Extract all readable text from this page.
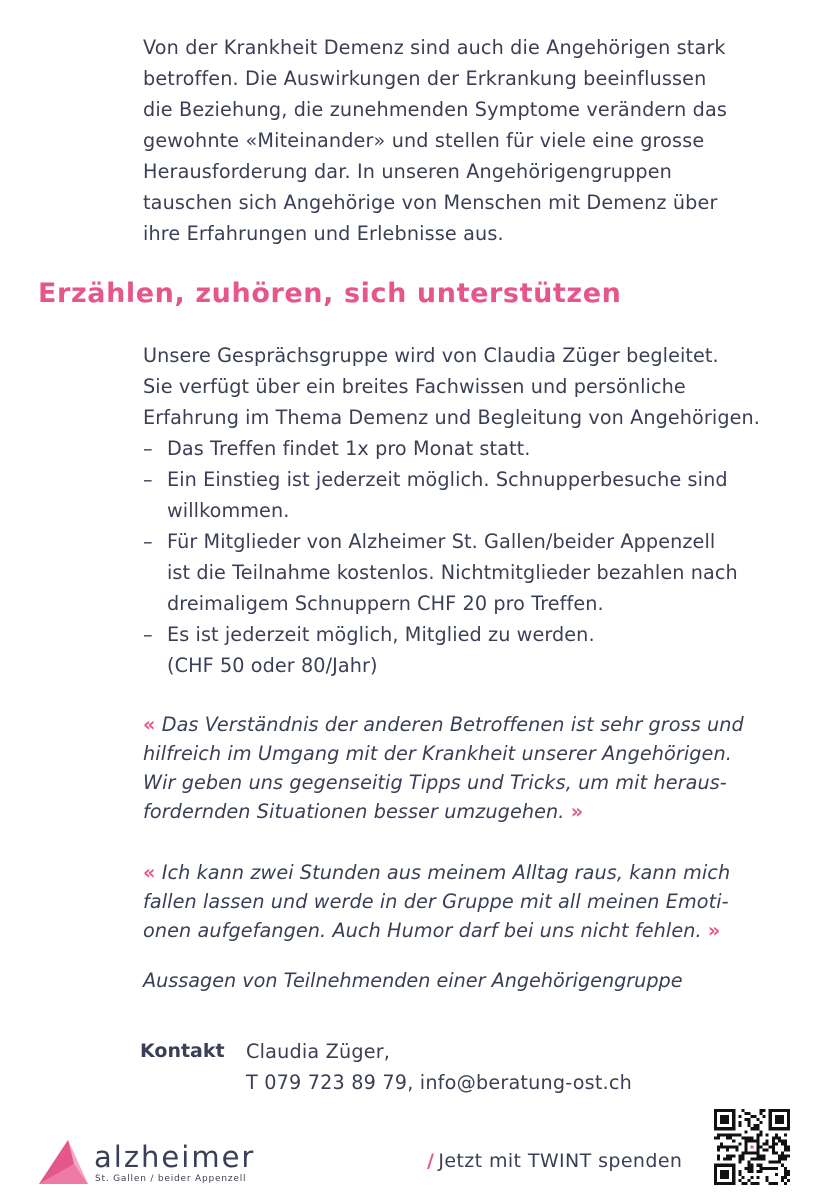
Von der Krankheit Demenz sind auch die Angehörigen stark
betroffen. Die Auswirkungen der Erkrankung beeinflussen
die Beziehung, die zunehmenden Symptome verändern das
gewohnte «Miteinander» und stellen für viele eine grosse
Herausforderung dar. In unseren Angehörigengruppen
tauschen sich Angehörige von Menschen mit Demenz über
ihre Erfahrungen und Erlebnisse aus.
Erzählen, zuhören, sich unterstützen
Unsere Gesprächsgruppe wird von Claudia Züger begleitet.
Sie verfügt über ein breites Fachwissen und persönliche
Erfahrung im Thema Demenz und Begleitung von Angehörigen.
– Das Treffen findet 1x pro Monat statt.
– Ein Einstieg ist jederzeit möglich. Schnupperbesuche sind
willkommen.
– Für Mitglieder von Alzheimer St. Gallen/beider Appenzell
ist die Teilnahme kostenlos. Nichtmitglieder bezahlen nach
dreimaligem Schnuppern CHF 20 pro Treffen.
– Es ist jederzeit möglich, Mitglied zu werden.
(CHF 50 oder 80/Jahr)
« Das Verständnis der anderen Betroffenen ist sehr gross und
hilfreich im Umgang mit der Krankheit unserer Angehörigen.
Wir geben uns gegenseitig Tipps und Tricks, um mit heraus-
fordernden Situationen besser umzugehen. »
« Ich kann zwei Stunden aus meinem Alltag raus, kann mich
fallen lassen und werde in der Gruppe mit all meinen Emoti-
onen aufgefangen. Auch Humor darf bei uns nicht fehlen. »
Aussagen von Teilnehmenden einer Angehörigengruppe
Kontakt Claudia Züger,
T 079 723 89 79, info@beratung-ost.ch
alzheimer
St. Gallen / beider Appenzell
/ Jetzt mit TWINT spenden
